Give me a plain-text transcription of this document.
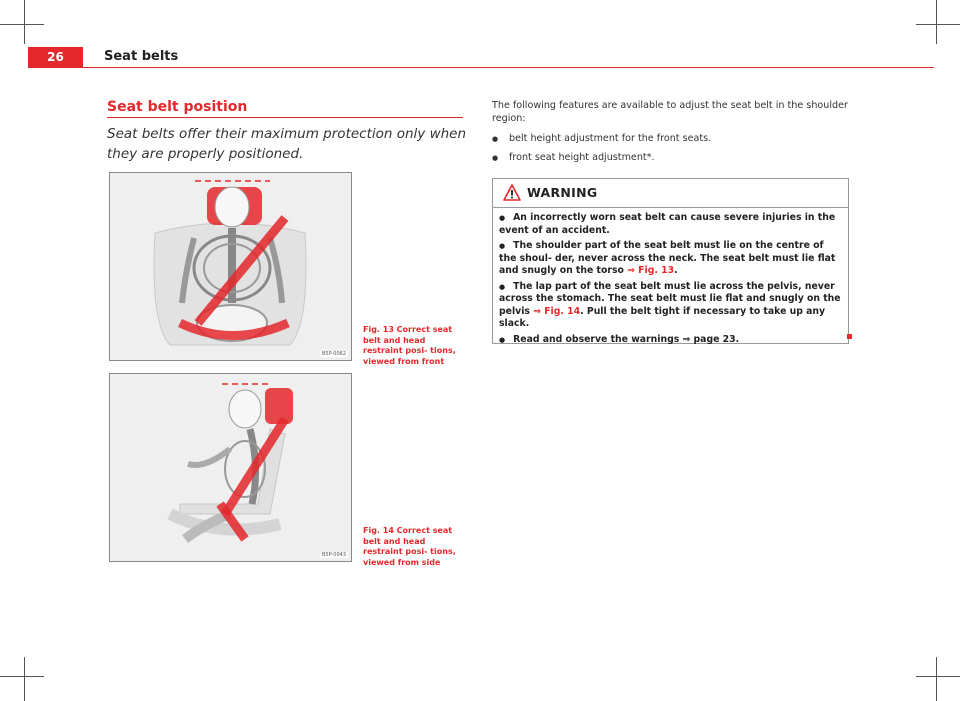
26	Seat belts
Seat belt position
Seat belts offer their maximum protection only when they are properly positioned.
B5P-0062
Fig. 13 Correct seat belt and head restraint posi- tions, viewed from front
B5P-0043
Fig. 14 Correct seat belt and head restraint posi- tions, viewed from side

The following features are available to adjust the seat belt in the shoulder region:

● belt height adjustment for the front seats.
● front seat height adjustment*.
WARNING
● An incorrectly worn seat belt can cause severe injuries in the event of an accident.
● The shoulder part of the seat belt must lie on the centre of the shoul- der, never across the neck. The seat belt must lie flat and snugly on the torso ⇒ Fig. 13.
● The lap part of the seat belt must lie across the pelvis, never across the stomach. The seat belt must lie flat and snugly on the pelvis ⇒ Fig. 14. Pull the belt tight if necessary to take up any slack.
● Read and observe the warnings ⇒ page 23.
